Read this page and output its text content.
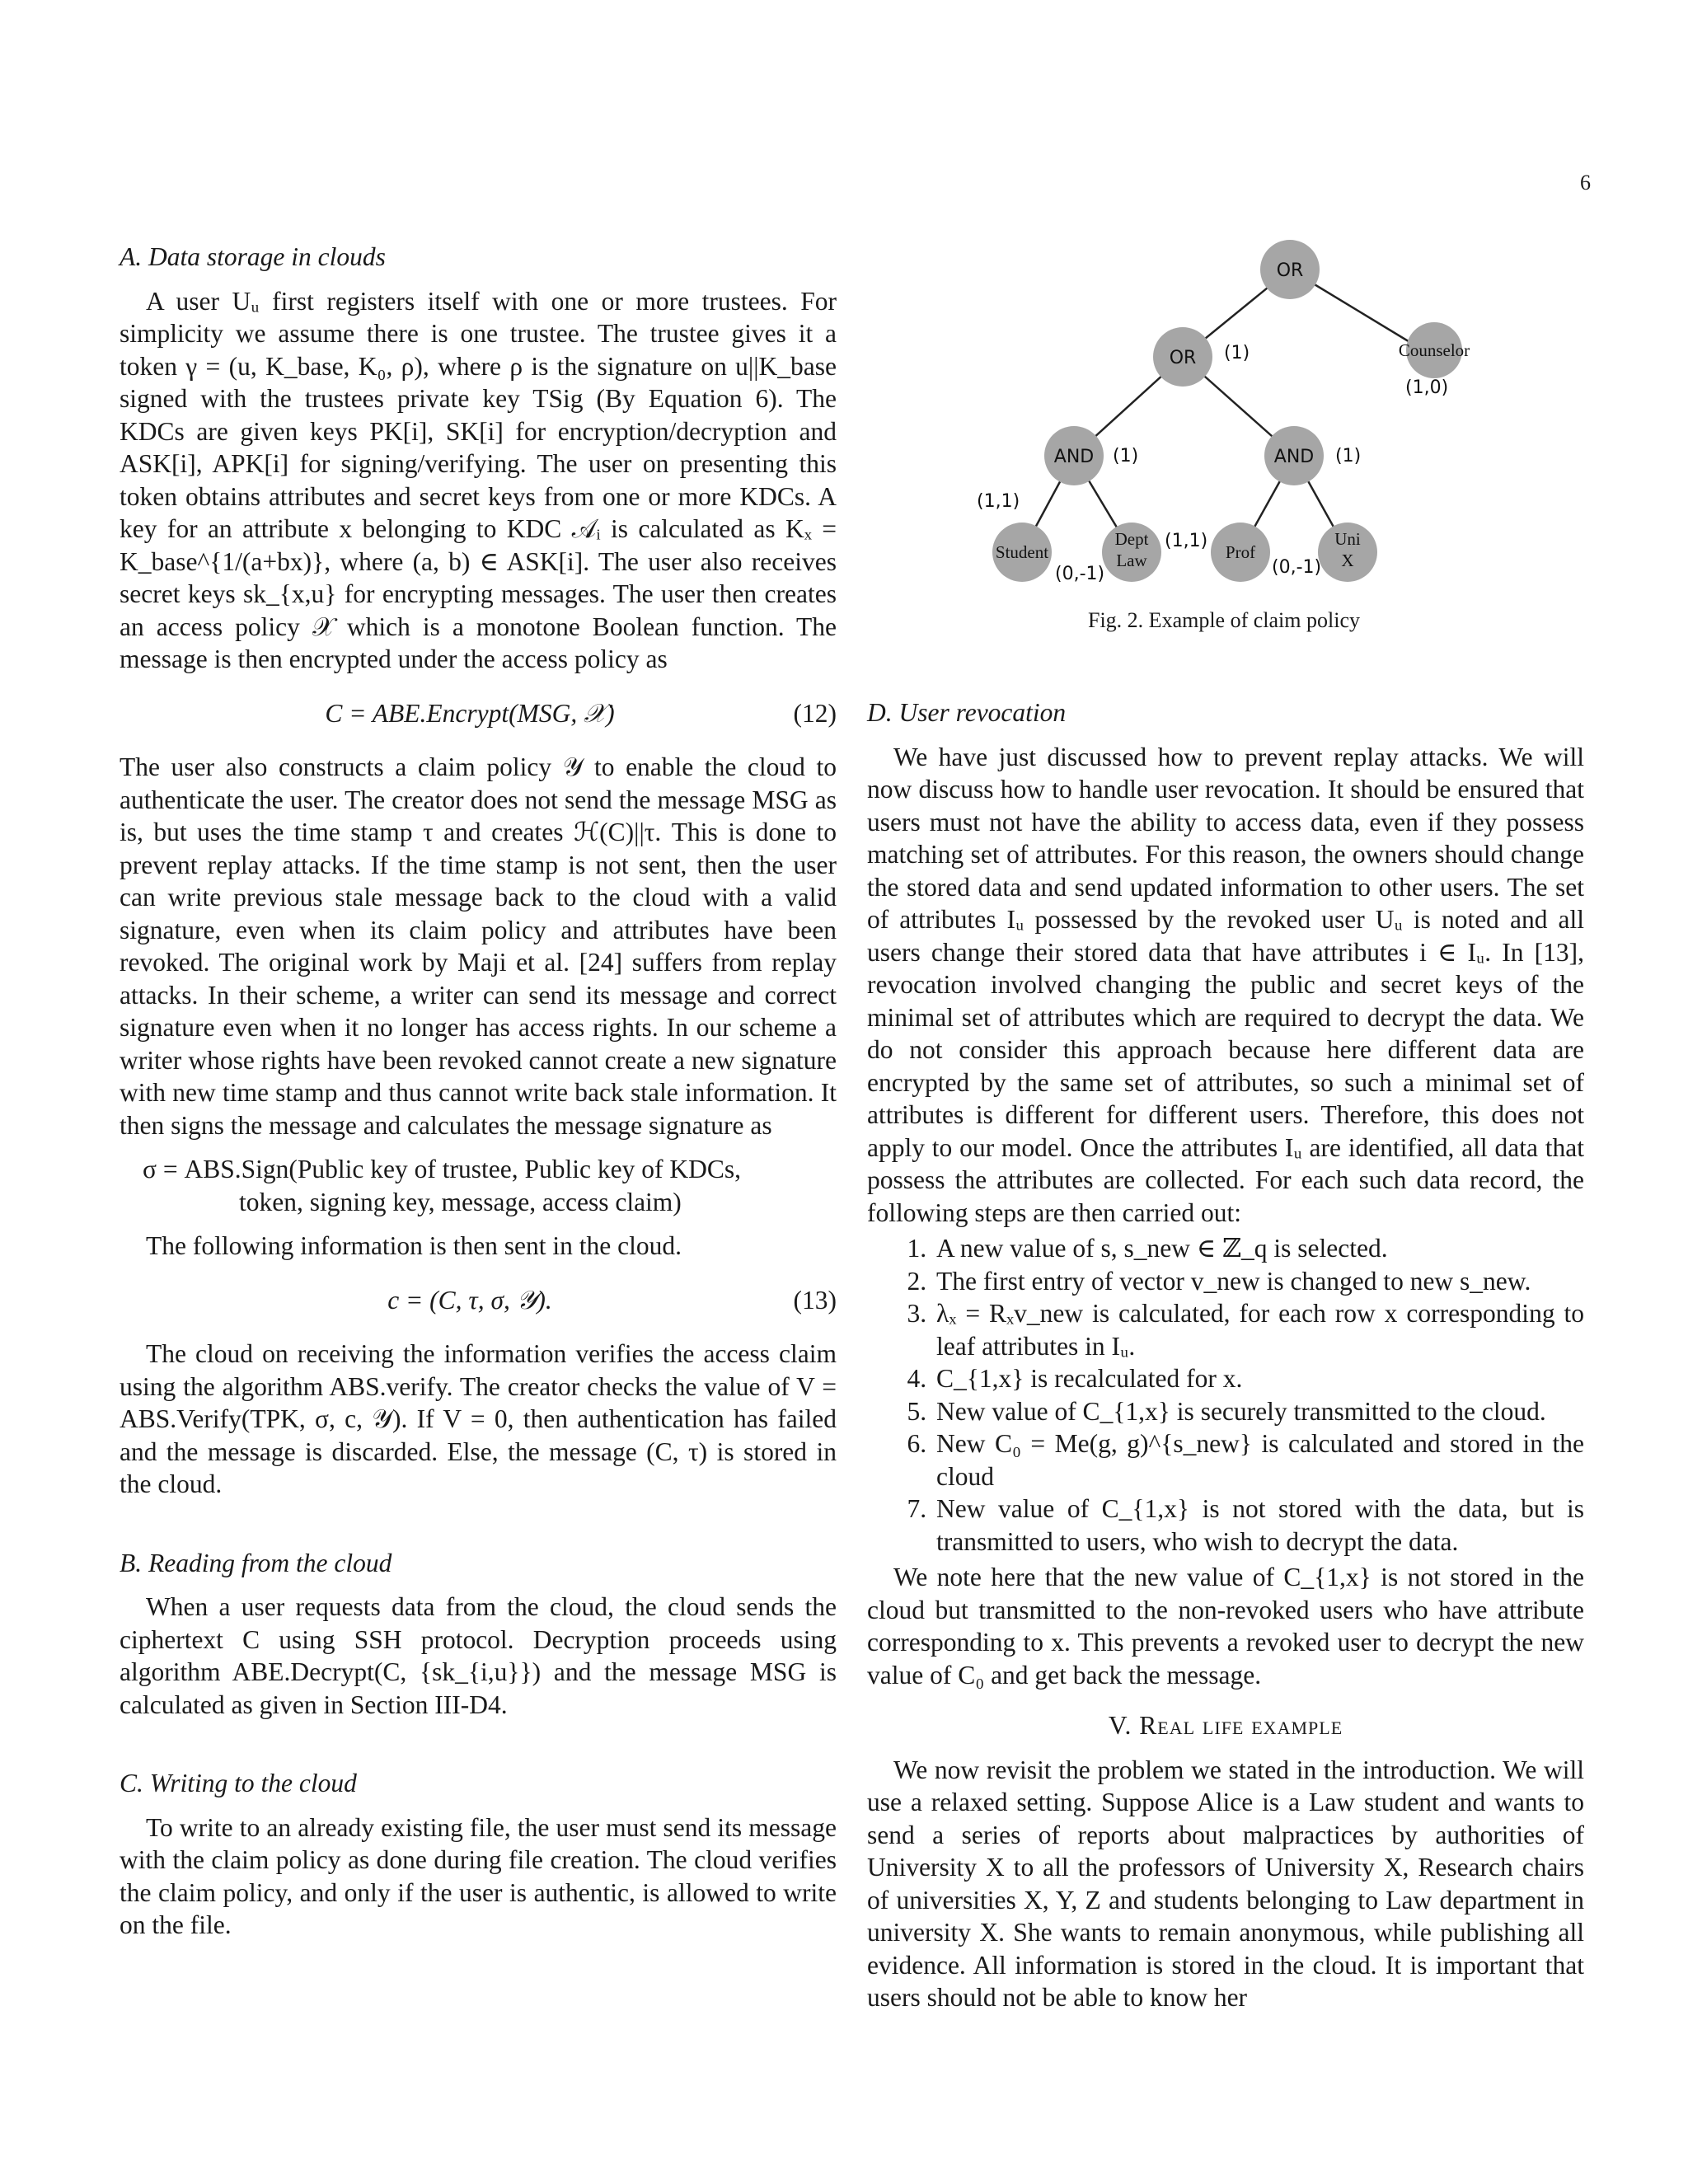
6
A. Data storage in clouds

A user Uᵤ first registers itself with one or more trustees. For simplicity we assume there is one trustee. The trustee gives it a token γ = (u, K_base, K₀, ρ), where ρ is the signature on u||K_base signed with the trustees private key TSig (By Equation 6). The KDCs are given keys PK[i], SK[i] for encryption/decryption and ASK[i], APK[i] for signing/verifying. The user on presenting this token obtains attributes and secret keys from one or more KDCs. A key for an attribute x belonging to KDC 𝒜ᵢ is calculated as Kₓ = K_base^{1/(a+bx)}, where (a, b) ∈ ASK[i]. The user also receives secret keys sk_{x,u} for encrypting messages. The user then creates an access policy 𝒳 which is a monotone Boolean function. The message is then encrypted under the access policy as

C = ABE.Encrypt(MSG, 𝒳)	(12)

The user also constructs a claim policy 𝒴 to enable the cloud to authenticate the user. The creator does not send the message MSG as is, but uses the time stamp τ and creates ℋ(C)||τ. This is done to prevent replay attacks. If the time stamp is not sent, then the user can write previous stale message back to the cloud with a valid signature, even when its claim policy and attributes have been revoked. The original work by Maji et al. [24] suffers from replay attacks. In their scheme, a writer can send its message and correct signature even when it no longer has access rights. In our scheme a writer whose rights have been revoked cannot create a new signature with new time stamp and thus cannot write back stale information. It then signs the message and calculates the message signature as

σ = ABS.Sign(Public key of trustee, Public key of KDCs,
token, signing key, message, access claim)

The following information is then sent in the cloud.

c = (C, τ, σ, 𝒴).	(13)

The cloud on receiving the information verifies the access claim using the algorithm ABS.verify. The creator checks the value of V = ABS.Verify(TPK, σ, c, 𝒴). If V = 0, then authentication has failed and the message is discarded. Else, the message (C, τ) is stored in the cloud.

B. Reading from the cloud

When a user requests data from the cloud, the cloud sends the ciphertext C using SSH protocol. Decryption proceeds using algorithm ABE.Decrypt(C, {sk_{i,u}}) and the message MSG is calculated as given in Section III-D4.

C. Writing to the cloud

To write to an already existing file, the user must send its message with the claim policy as done during file creation. The cloud verifies the claim policy, and only if the user is authentic, is allowed to write on the file.

OR
OR (1)	Counselor
(1,0)
AND (1)	AND (1)
Student
(1,1)
Dept
Law
(0,-1)
Prof
(1,1)	Uni
X
(0,-1)
Fig. 2. Example of claim policy
D. User revocation

We have just discussed how to prevent replay attacks. We will now discuss how to handle user revocation. It should be ensured that users must not have the ability to access data, even if they possess matching set of attributes. For this reason, the owners should change the stored data and send updated information to other users. The set of attributes Iᵤ possessed by the revoked user Uᵤ is noted and all users change their stored data that have attributes i ∈ Iᵤ. In [13], revocation involved changing the public and secret keys of the minimal set of attributes which are required to decrypt the data. We do not consider this approach because here different data are encrypted by the same set of attributes, so such a minimal set of attributes is different for different users. Therefore, this does not apply to our model. Once the attributes Iᵤ are identified, all data that possess the attributes are collected. For each such data record, the following steps are then carried out:

1. A new value of s, s_new ∈ ℤ_q is selected.
2. The first entry of vector v_new is changed to new s_new.
3. λₓ = Rₓv_new is calculated, for each row x corresponding to leaf attributes in Iᵤ.
4. C_{1,x} is recalculated for x.
5. New value of C_{1,x} is securely transmitted to the cloud.
6. New C₀ = Me(g, g)^{s_new} is calculated and stored in the cloud
7. New value of C_{1,x} is not stored with the data, but is transmitted to users, who wish to decrypt the data.

We note here that the new value of C_{1,x} is not stored in the cloud but transmitted to the non-revoked users who have attribute corresponding to x. This prevents a revoked user to decrypt the new value of C₀ and get back the message.

V. Real life example

We now revisit the problem we stated in the introduction. We will use a relaxed setting. Suppose Alice is a Law student and wants to send a series of reports about malpractices by authorities of University X to all the professors of University X, Research chairs of universities X, Y, Z and students belonging to Law department in university X. She wants to remain anonymous, while publishing all evidence. All information is stored in the cloud. It is important that users should not be able to know her
